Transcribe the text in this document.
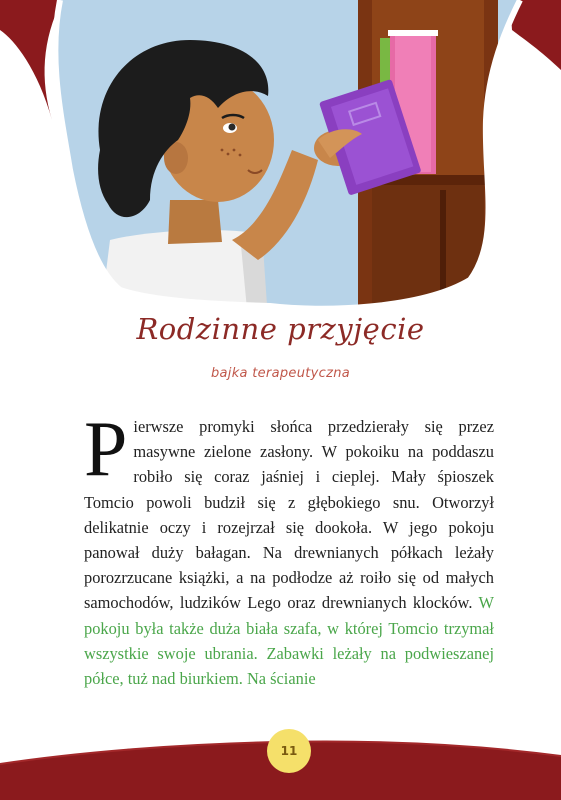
Rodzinne przyjęcie
bajka terapeutyczna

Pierwsze promyki słońca przedzierały się przez masywne zielone zasłony. W pokoiku na poddaszu robiło się coraz jaśniej i cieplej. Mały śpioszek Tomcio powoli budził się z głębokiego snu. Otworzył delikatnie oczy i rozejrzał się dookoła. W jego pokoju panował duży bałagan. Na drewnianych półkach leżały porozrzucane książki, a na podłodze aż roiło się od małych samochodów, ludzików Lego oraz drewnianych klocków. W pokoju była także duża biała szafa, w której Tomcio trzymał wszystkie swoje ubrania. Zabawki leżały na podwieszanej półce, tuż nad biurkiem. Na ścianie

11
